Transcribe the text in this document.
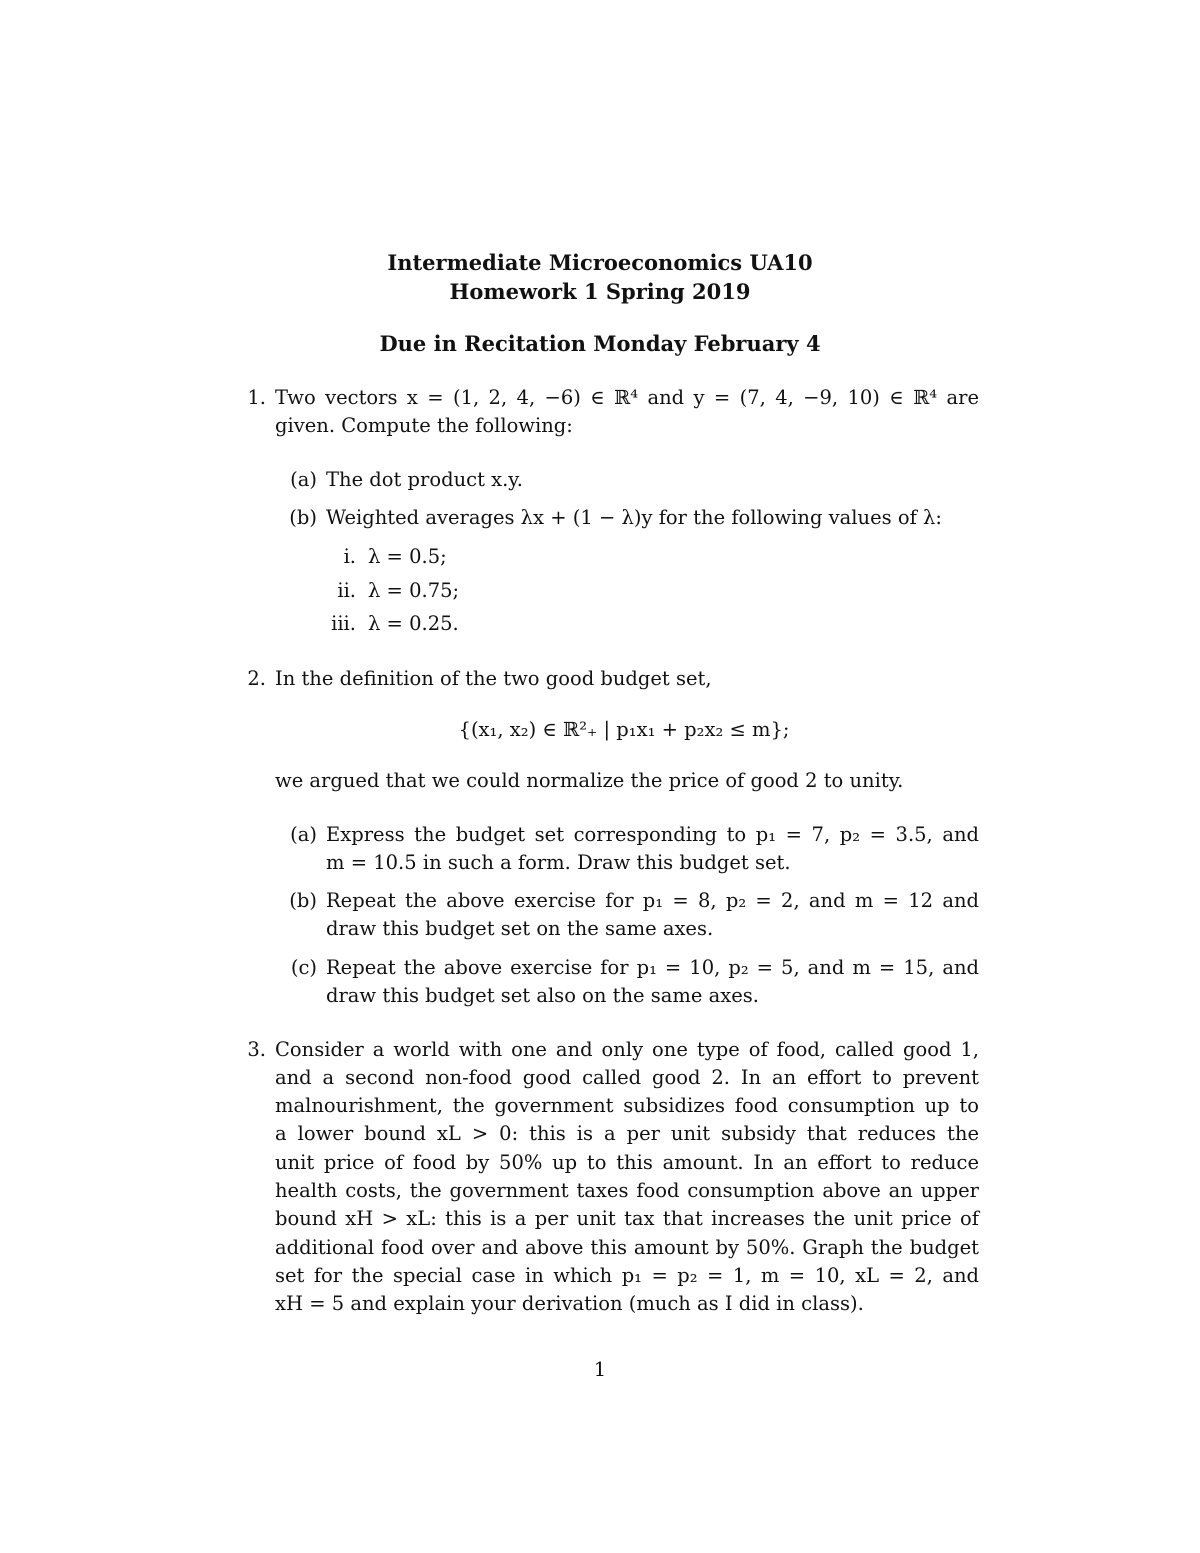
Intermediate Microeconomics UA10
Homework 1 Spring 2019
Due in Recitation Monday February 4
1. Two vectors x = (1, 2, 4, −6) ∈ ℝ⁴ and y = (7, 4, −9, 10) ∈ ℝ⁴ are
given. Compute the following:
(a) The dot product x.y.
(b) Weighted averages λx + (1 − λ)y for the following values of λ:
i. λ = 0.5;
ii. λ = 0.75;
iii. λ = 0.25.
2. In the definition of the two good budget set,
{(x₁, x₂) ∈ ℝ²₊ | p₁x₁ + p₂x₂ ≤ m};
we argued that we could normalize the price of good 2 to unity.
(a) Express the budget set corresponding to p₁ = 7, p₂ = 3.5, and
m = 10.5 in such a form. Draw this budget set.
(b) Repeat the above exercise for p₁ = 8, p₂ = 2, and m = 12 and
draw this budget set on the same axes.
(c) Repeat the above exercise for p₁ = 10, p₂ = 5, and m = 15, and
draw this budget set also on the same axes.
3. Consider a world with one and only one type of food, called good 1,
and a second non-food good called good 2. In an effort to prevent
malnourishment, the government subsidizes food consumption up to
a lower bound xL > 0: this is a per unit subsidy that reduces the
unit price of food by 50% up to this amount. In an effort to reduce
health costs, the government taxes food consumption above an upper
bound xH > xL: this is a per unit tax that increases the unit price of
additional food over and above this amount by 50%. Graph the budget
set for the special case in which p₁ = p₂ = 1, m = 10, xL = 2, and
xH = 5 and explain your derivation (much as I did in class).
1
